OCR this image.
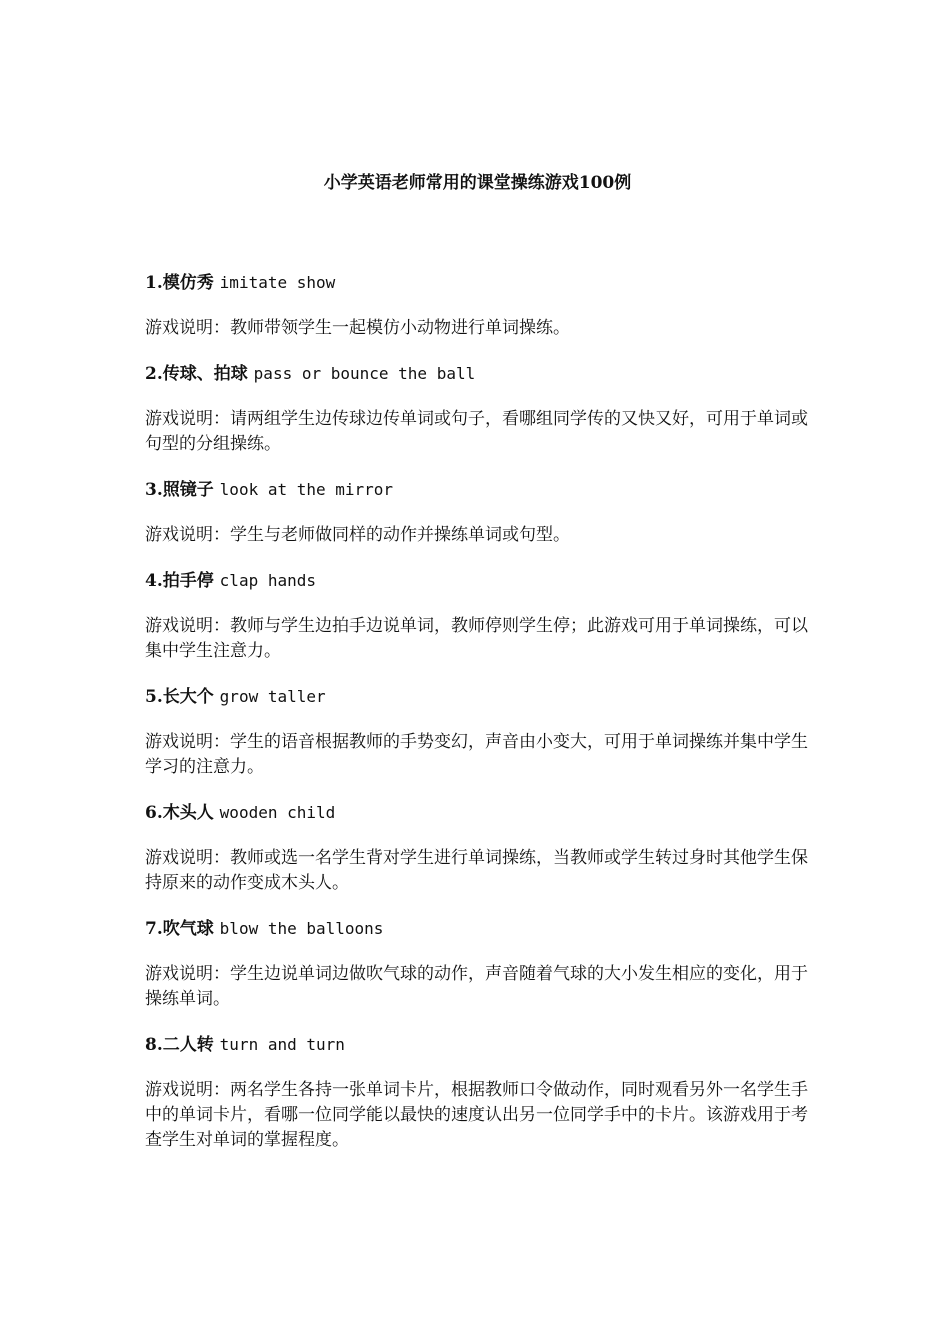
小学英语老师常用的课堂操练游戏100例

1.模仿秀 imitate show

游戏说明：教师带领学生一起模仿小动物进行单词操练。

2.传球、拍球 pass or bounce the ball

游戏说明：请两组学生边传球边传单词或句子，看哪组同学传的又快又好，可用于单词或句型的分组操练。

3.照镜子 look at the mirror

游戏说明：学生与老师做同样的动作并操练单词或句型。

4.拍手停 clap hands

游戏说明：教师与学生边拍手边说单词，教师停则学生停；此游戏可用于单词操练，可以集中学生注意力。

5.长大个 grow taller

游戏说明：学生的语音根据教师的手势变幻，声音由小变大，可用于单词操练并集中学生学习的注意力。

6.木头人 wooden child

游戏说明：教师或选一名学生背对学生进行单词操练，当教师或学生转过身时其他学生保持原来的动作变成木头人。

7.吹气球 blow the balloons

游戏说明：学生边说单词边做吹气球的动作，声音随着气球的大小发生相应的变化，用于操练单词。

8.二人转 turn and turn

游戏说明：两名学生各持一张单词卡片，根据教师口令做动作，同时观看另外一名学生手中的单词卡片，看哪一位同学能以最快的速度认出另一位同学手中的卡片。该游戏用于考查学生对单词的掌握程度。
